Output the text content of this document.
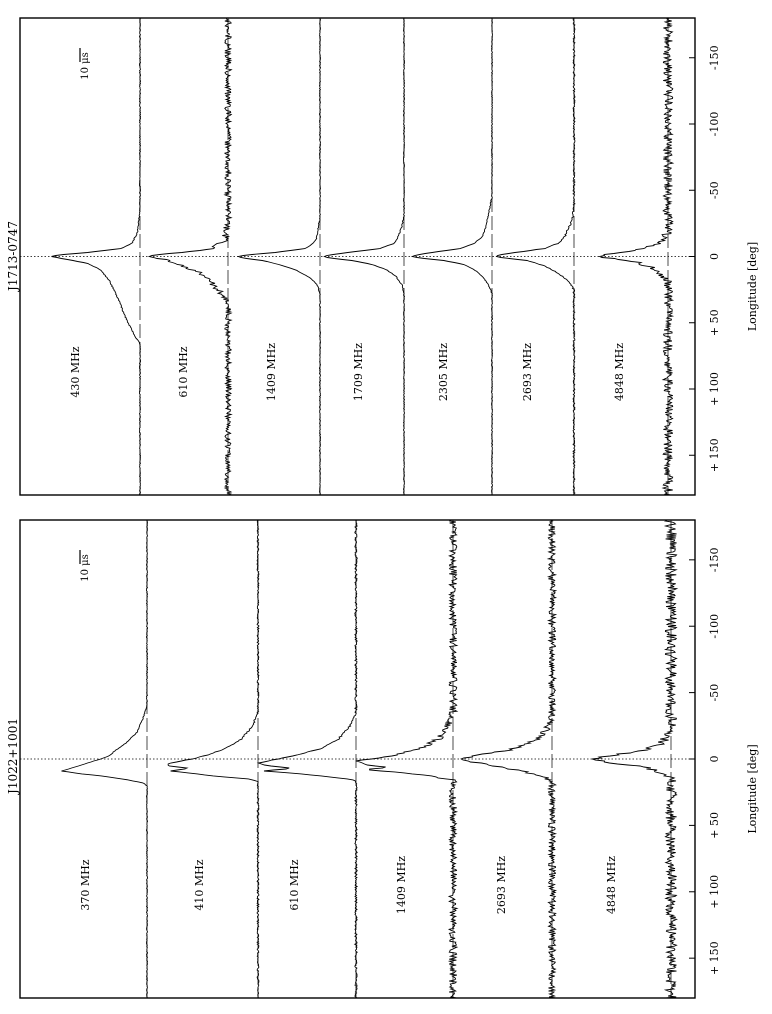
J1713-0747
-150
-100
-50
0
+ 50
+ 100
+ 150
Longitude [deg]
10 μs
430 MHz	610 MHz	1409 MHz	1709 MHz	2305 MHz	2693 MHz	4848 MHz
J1022+1001
-150
-100
-50
0
+ 50
+ 100
+ 150
Longitude [deg]
10 μs
370 MHz	410 MHz	610 MHz	1409 MHz	2693 MHz	4848 MHz
